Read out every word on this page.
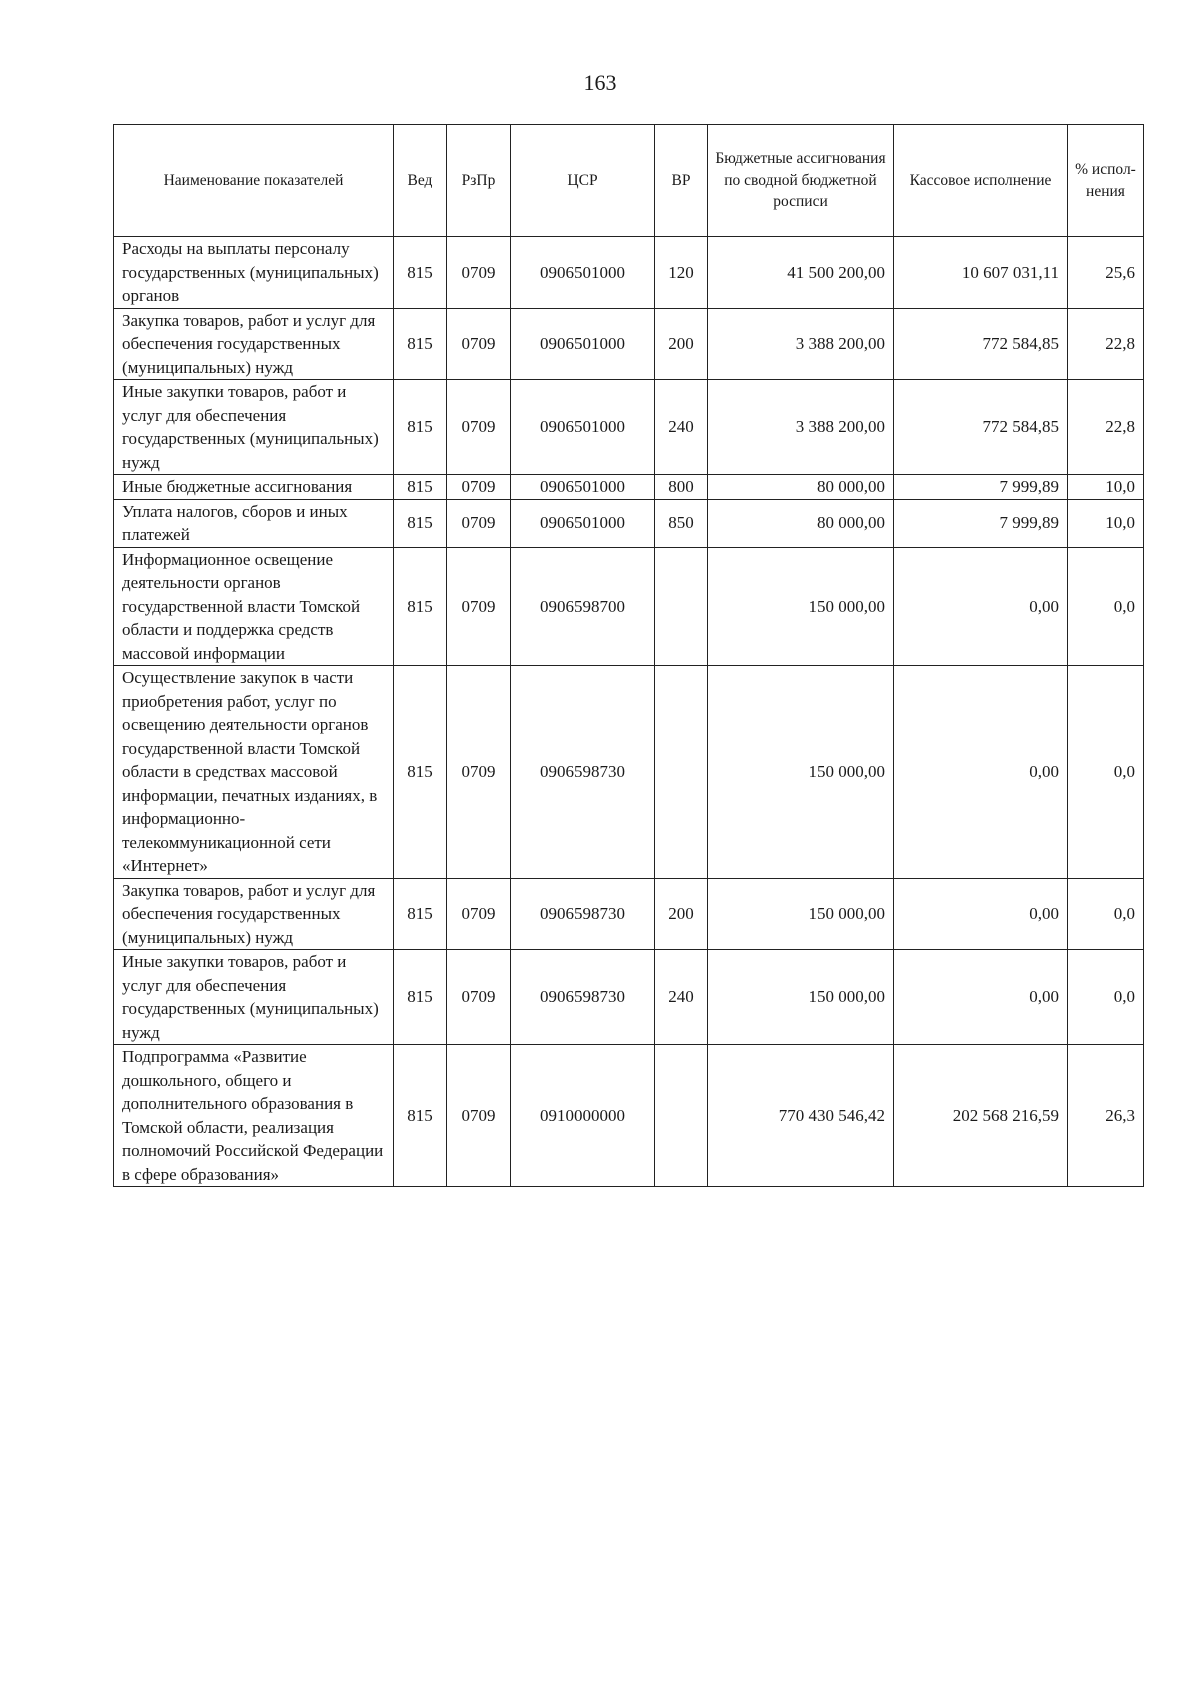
163
Наименование показателей	Вед	РзПр	ЦСР	ВР	Бюджетные ассигнования по сводной бюджетной росписи	Кассовое исполнение	% испол-нения
Расходы на выплаты персоналу государственных (муниципальных) органов	815	0709	0906501000	120	41 500 200,00	10 607 031,11	25,6
Закупка товаров, работ и услуг для обеспечения государственных (муниципальных) нужд	815	0709	0906501000	200	3 388 200,00	772 584,85	22,8
Иные закупки товаров, работ и услуг для обеспечения государственных (муниципальных) нужд	815	0709	0906501000	240	3 388 200,00	772 584,85	22,8
Иные бюджетные ассигнования	815	0709	0906501000	800	80 000,00	7 999,89	10,0
Уплата налогов, сборов и иных платежей	815	0709	0906501000	850	80 000,00	7 999,89	10,0
Информационное освещение деятельности органов государственной власти Томской области и поддержка средств массовой информации	815	0709	0906598700		150 000,00	0,00	0,0
Осуществление закупок в части приобретения работ, услуг по освещению деятельности органов государственной власти Томской области в средствах массовой информации, печатных изданиях, в информационно-телекоммуникационной сети «Интернет»	815	0709	0906598730		150 000,00	0,00	0,0
Закупка товаров, работ и услуг для обеспечения государственных (муниципальных) нужд	815	0709	0906598730	200	150 000,00	0,00	0,0
Иные закупки товаров, работ и услуг для обеспечения государственных (муниципальных) нужд	815	0709	0906598730	240	150 000,00	0,00	0,0
Подпрограмма «Развитие дошкольного, общего и дополнительного образования в Томской области, реализация полномочий Российской Федерации в сфере образования»	815	0709	0910000000		770 430 546,42	202 568 216,59	26,3
